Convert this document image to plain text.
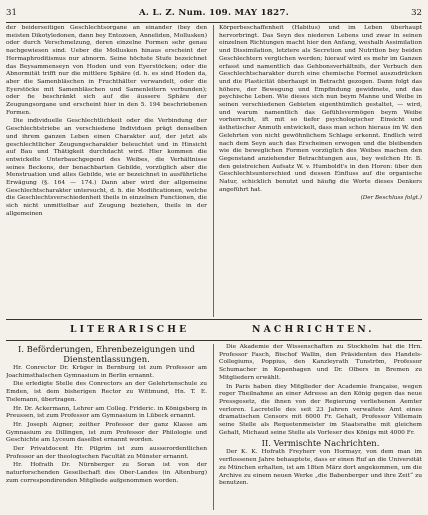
31	A. L. Z. Num. 109. MAY 1827.	32

der beiderseitigen Geschlechtsorgane an einander (bey den meisten Dikotyledonen, dann bey Entozoen, Anneliden, Mollusken) oder durch Verschmelzung, deren einzelne Formen sehr genau nachgewiesen sind. Ueber die Mollusken hinaus erscheint der Hermaphroditismus nur abnorm. Seine höchste Stufe bezeichnet das Beysammenseyn von Hoden und von Eyerstöcken; oder die Abnormität trifft nur die mittlere Sphäre (d. h. es sind Hoden da, aber die Samenbläschen in Fruchthälter verwandelt, oder die Eyerstöcke mit Samenbläschen und Samenleitern verbunden); oder fie beschränkt sich auf die äussere Sphäre der Zeugungsorgane und erscheint hier in den 5. 194 beschriebenen Formen.

Die individuelle Geschlechtlichkeit oder die Verbindung der Geschlechtstriebe an verschiedene Individuen prägt denselben und ihrem ganzen Leben einen Charakter auf, der jetzt als geschlechtlicher Zeugungscharakter beleuchtet und in Hinsicht auf Bau und Thätigkeit durchdacht wird. Hier kommen die entwickelte Unterbauchgegend des Weibes, die Verhältnisse seines Beckens, der benachbarten Gebilde, vorzüglich aber die Menstruation und alles Gebilde, wie er bezeichnet in ausführliche Erwägung (§. 164 — 174.) Dann aber wird der allgemeine Geschlechtscharakter untersucht, d. h. die Modificationen, welche die Geschlechtsverschiedenheit theils in einzelnen Functionen, die sich nicht unmittelbar auf Zeugung beziehen, theils in der allgemeinen

Körperbeschaffenheit (Habitus) und im Leben überhaupt hervorbringt. Das Seyn des niederen Lebens und zwar in seinen einzelnen Richtungen macht hier den Anfang, weshalb Assimilation und Dissimilation, letztere als Secretion und Nutrition bey beiden Geschlechtern verglichen werden; hierauf wird es mehr im Ganzen erfasst und namentlich das Gehbonsverhältnifs, der Verbuch den Geschlechtscharakter durch eine chemische Formel auszudrücken und die Plasticität überhaupt in Betracht gezogen. Dann folgt das höhere, der Bewegung und Empfindung gewidmete, und das psychische Leben. Wie dieses sich nun beym Manne und Weibe in seinen verschiedenen Gebieten eigenthümlich gestaltet, — wird, und warum namentlich das Gefühlsvermögen beym Weibe vorherrscht, ift mit so tiefer psychologischer Einsicht und ästhetischer Anmuth entwickelt, dass man schon hieraus im W. den Gelehrten von nicht gewöhnlichem Schlage erkennt. Endlich wird nach dem Seyn auch das Erscheinen erwogen und die bleibenden wie die beweglichen Formen vorzüglich des Weibes machen den Gegenstand anziehender Betrachtungen aus, bey welchen Hr. B. den geistreichen Aufsatz W. v. Humboldt's in den Horen: über den Geschlechtsunterschied und dessen Einfluss auf die organische Natur, schicklich benutzt und häufig die Worte dieses Denkers angeführt hat.

(Der Beschluss folgt.)

LITERARISCHE	NACHRICHTEN.

I. Beförderungen, Ehrenbezeigungen und Dienstentlassungen.

Hr. Conrector Dr. Krüger in Bernburg ist zum Professor am Joachimsthalschen Gymnasium in Berlin ernannt.

Die erledigte Stelle des Conrectors an der Gelehrtenschule zu Emden, ist dem bisherigen Rector zu Wittmund, Hn. T. E. Tielemann, übertragen.

Hr. Dr. Ackermann, Lehrer am Colleg. Frideric. in Königsberg in Preussen, ist zum Professor am Gymnasium in Lübeck ernannt.

Hr. Joseph Aigner, zeither Professor der ganz Klasse am Gymnasium zu Dillingen, ist zum Professor der Philologie und Geschichte am Lyceum daselbst ernannt worden.

Der Privatdocent Hr. Pilgrim ist zum ausserordentlichen Professor an der theologischen Facultät zu Münster ernannt.

Hr. Hofrath Dr. Nürnberger zu Soran ist von der naturforschenden Gesellschaft des Ober-Landes (in Altenburg) zum correspondirenden Mitgliede aufgenommen worden.

Die Akademie der Wissenschaften zu Stockholm hat die Hrn. Professor Fasch, Bischof Wallin, den Präsidenten des Handels-Collegiums, Poppius, den Kanzleyrath Tunström, Professor Schumacher in Kopenhagen und Dr. Olbers in Bremen zu Mitgliedern erwählt.

In Paris haben diey Mitglieder der Academie française, wegen reger Theilnahme an einer Adresse an den König gegen das neue Pressgesetz, die ihnen von der Regierung verliehenen Aemter verloren. Lacretelle des seit 23 Jahren verwaltete Amt eines dramatischen Censors mit 6000 Fr. Gehalt, Professor Villemain seine Stelle als Requetenmeister im Staatsrathe mit gleichem Gehalt, Michaud seine Stelle als Vorleser des Königs mit 4000 Fr.

II. Vermischte Nachrichten.

Der K. K. Hofrath Freyherr von Hormayr, von dem man im verflossenen Jahre behauptete, dass er einen Ruf an die Universität zu München erhalten, ist am 18ten März dort angekommen, um die Archive zu einem neuen Werke „die Babenberger und ihre Zeit“ zu benutzen.
